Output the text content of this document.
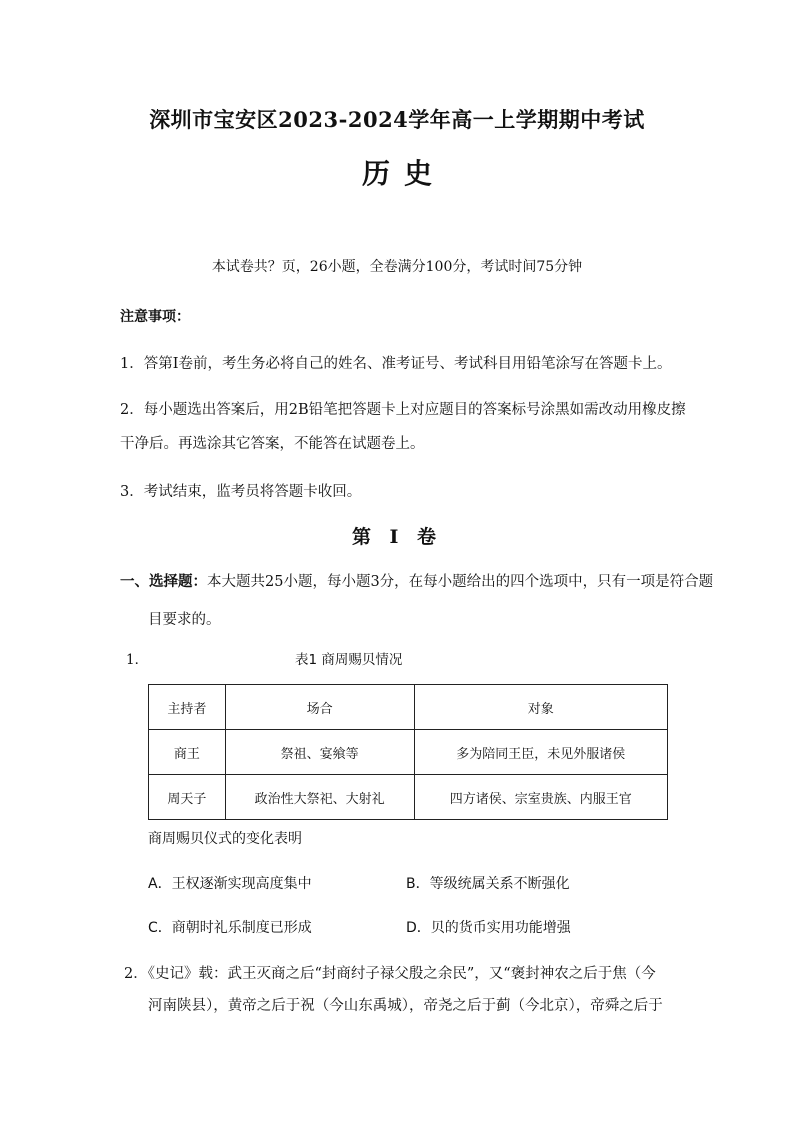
深圳市宝安区2023-2024学年高一上学期期中考试
历史
本试卷共？页，26小题，全卷满分100分，考试时间75分钟
注意事项：
1．答第Ⅰ卷前，考生务必将自己的姓名、准考证号、考试科目用铅笔涂写在答题卡上。
2．每小题选出答案后，用2B铅笔把答题卡上对应题目的答案标号涂黑如需改动用橡皮擦
干净后。再选涂其它答案，不能答在试题卷上。
3．考试结束，监考员将答题卡收回。
第 Ⅰ 卷
一、选择题：本大题共25小题，每小题3分，在每小题给出的四个选项中，只有一项是符合题
目要求的。
1．	表1 商周赐贝情况
主持者	场合	对象
商王	祭祖、宴飨等	多为陪同王臣，未见外服诸侯
周天子	政治性大祭祀、大射礼	四方诸侯、宗室贵族、内服王官
商周赐贝仪式的变化表明
A．王权逐渐实现高度集中	B．等级统属关系不断强化
C．商朝时礼乐制度已形成	D．贝的货币实用功能增强
2．《史记》载：武王灭商之后“封商纣子禄父殷之余民”，又“褒封神农之后于焦（今
河南陕县），黄帝之后于祝（今山东禹城），帝尧之后于蓟（今北京），帝舜之后于
